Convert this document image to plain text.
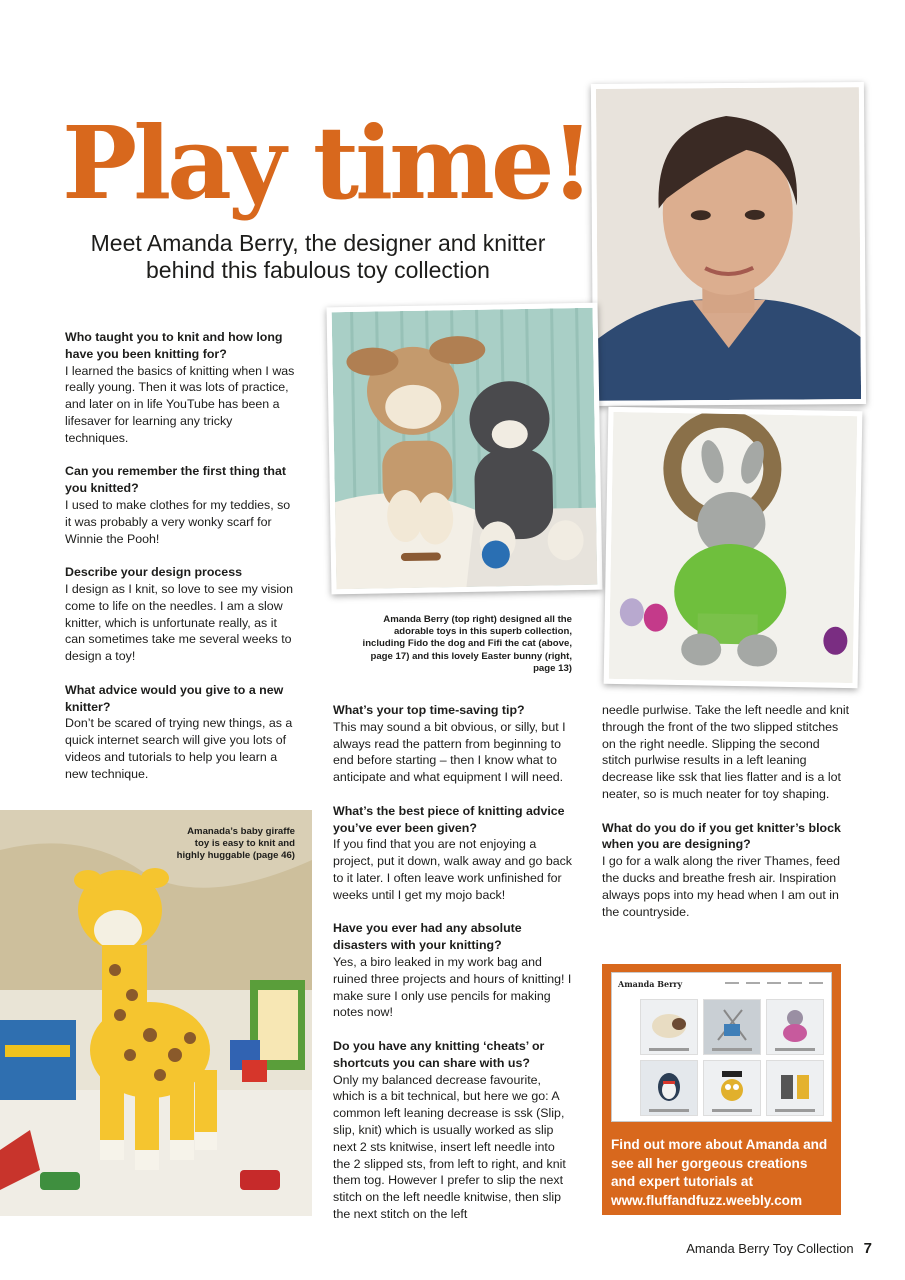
Play time!
Meet Amanda Berry, the designer and knitter behind this fabulous toy collection
Who taught you to knit and how long have you been knitting for?
I learned the basics of knitting when I was really young. Then it was lots of practice, and later on in life YouTube has been a lifesaver for learning any tricky techniques.
Can you remember the first thing that you knitted?
I used to make clothes for my teddies, so it was probably a very wonky scarf for Winnie the Pooh!
Describe your design process
I design as I knit, so love to see my vision come to life on the needles. I am a slow knitter, which is unfortunate really, as it can sometimes take me several weeks to design a toy!
What advice would you give to a new knitter?
Don’t be scared of trying new things, as a quick internet search will give you lots of videos and tutorials to help you learn a new technique.
What’s your top time-saving tip?
This may sound a bit obvious, or silly, but I always read the pattern from beginning to end before starting – then I know what to anticipate and what equipment I will need.
What’s the best piece of knitting advice you’ve ever been given?
If you find that you are not enjoying a project, put it down, walk away and go back to it later. I often leave work unfinished for weeks until I get my mojo back!
Have you ever had any absolute disasters with your knitting?
Yes, a biro leaked in my work bag and ruined three projects and hours of knitting! I make sure I only use pencils for making notes now!
Do you have any knitting ‘cheats’ or shortcuts you can share with us?
Only my balanced decrease favourite, which is a bit technical, but here we go: A common left leaning decrease is ssk (Slip, slip, knit) which is usually worked as slip next 2 sts knitwise, insert left needle into the 2 slipped sts, from left to right, and knit them tog. However I prefer to slip the next stitch on the left needle knitwise, then slip the next stitch on the left
needle purlwise. Take the left needle and knit through the front of the two slipped stitches on the right needle. Slipping the second stitch purlwise results in a left leaning decrease like ssk that lies flatter and is a lot neater, so is much neater for toy shaping.
What do you do if you get knitter’s block when you are designing?
I go for a walk along the river Thames, feed the ducks and breathe fresh air. Inspiration always pops into my head when I am out in the countryside.
Amanda Berry (top right) designed all the adorable toys in this superb collection, including Fido the dog and Fifi the cat (above, page 17) and this lovely Easter bunny (right, page 13)
Amanada’s baby giraffe toy is easy to knit and highly huggable (page 46)
Amanda Berry
Find out more about Amanda and see all her gorgeous creations and expert tutorials at www.fluffandfuzz.weebly.com
Amanda Berry Toy Collection 7
